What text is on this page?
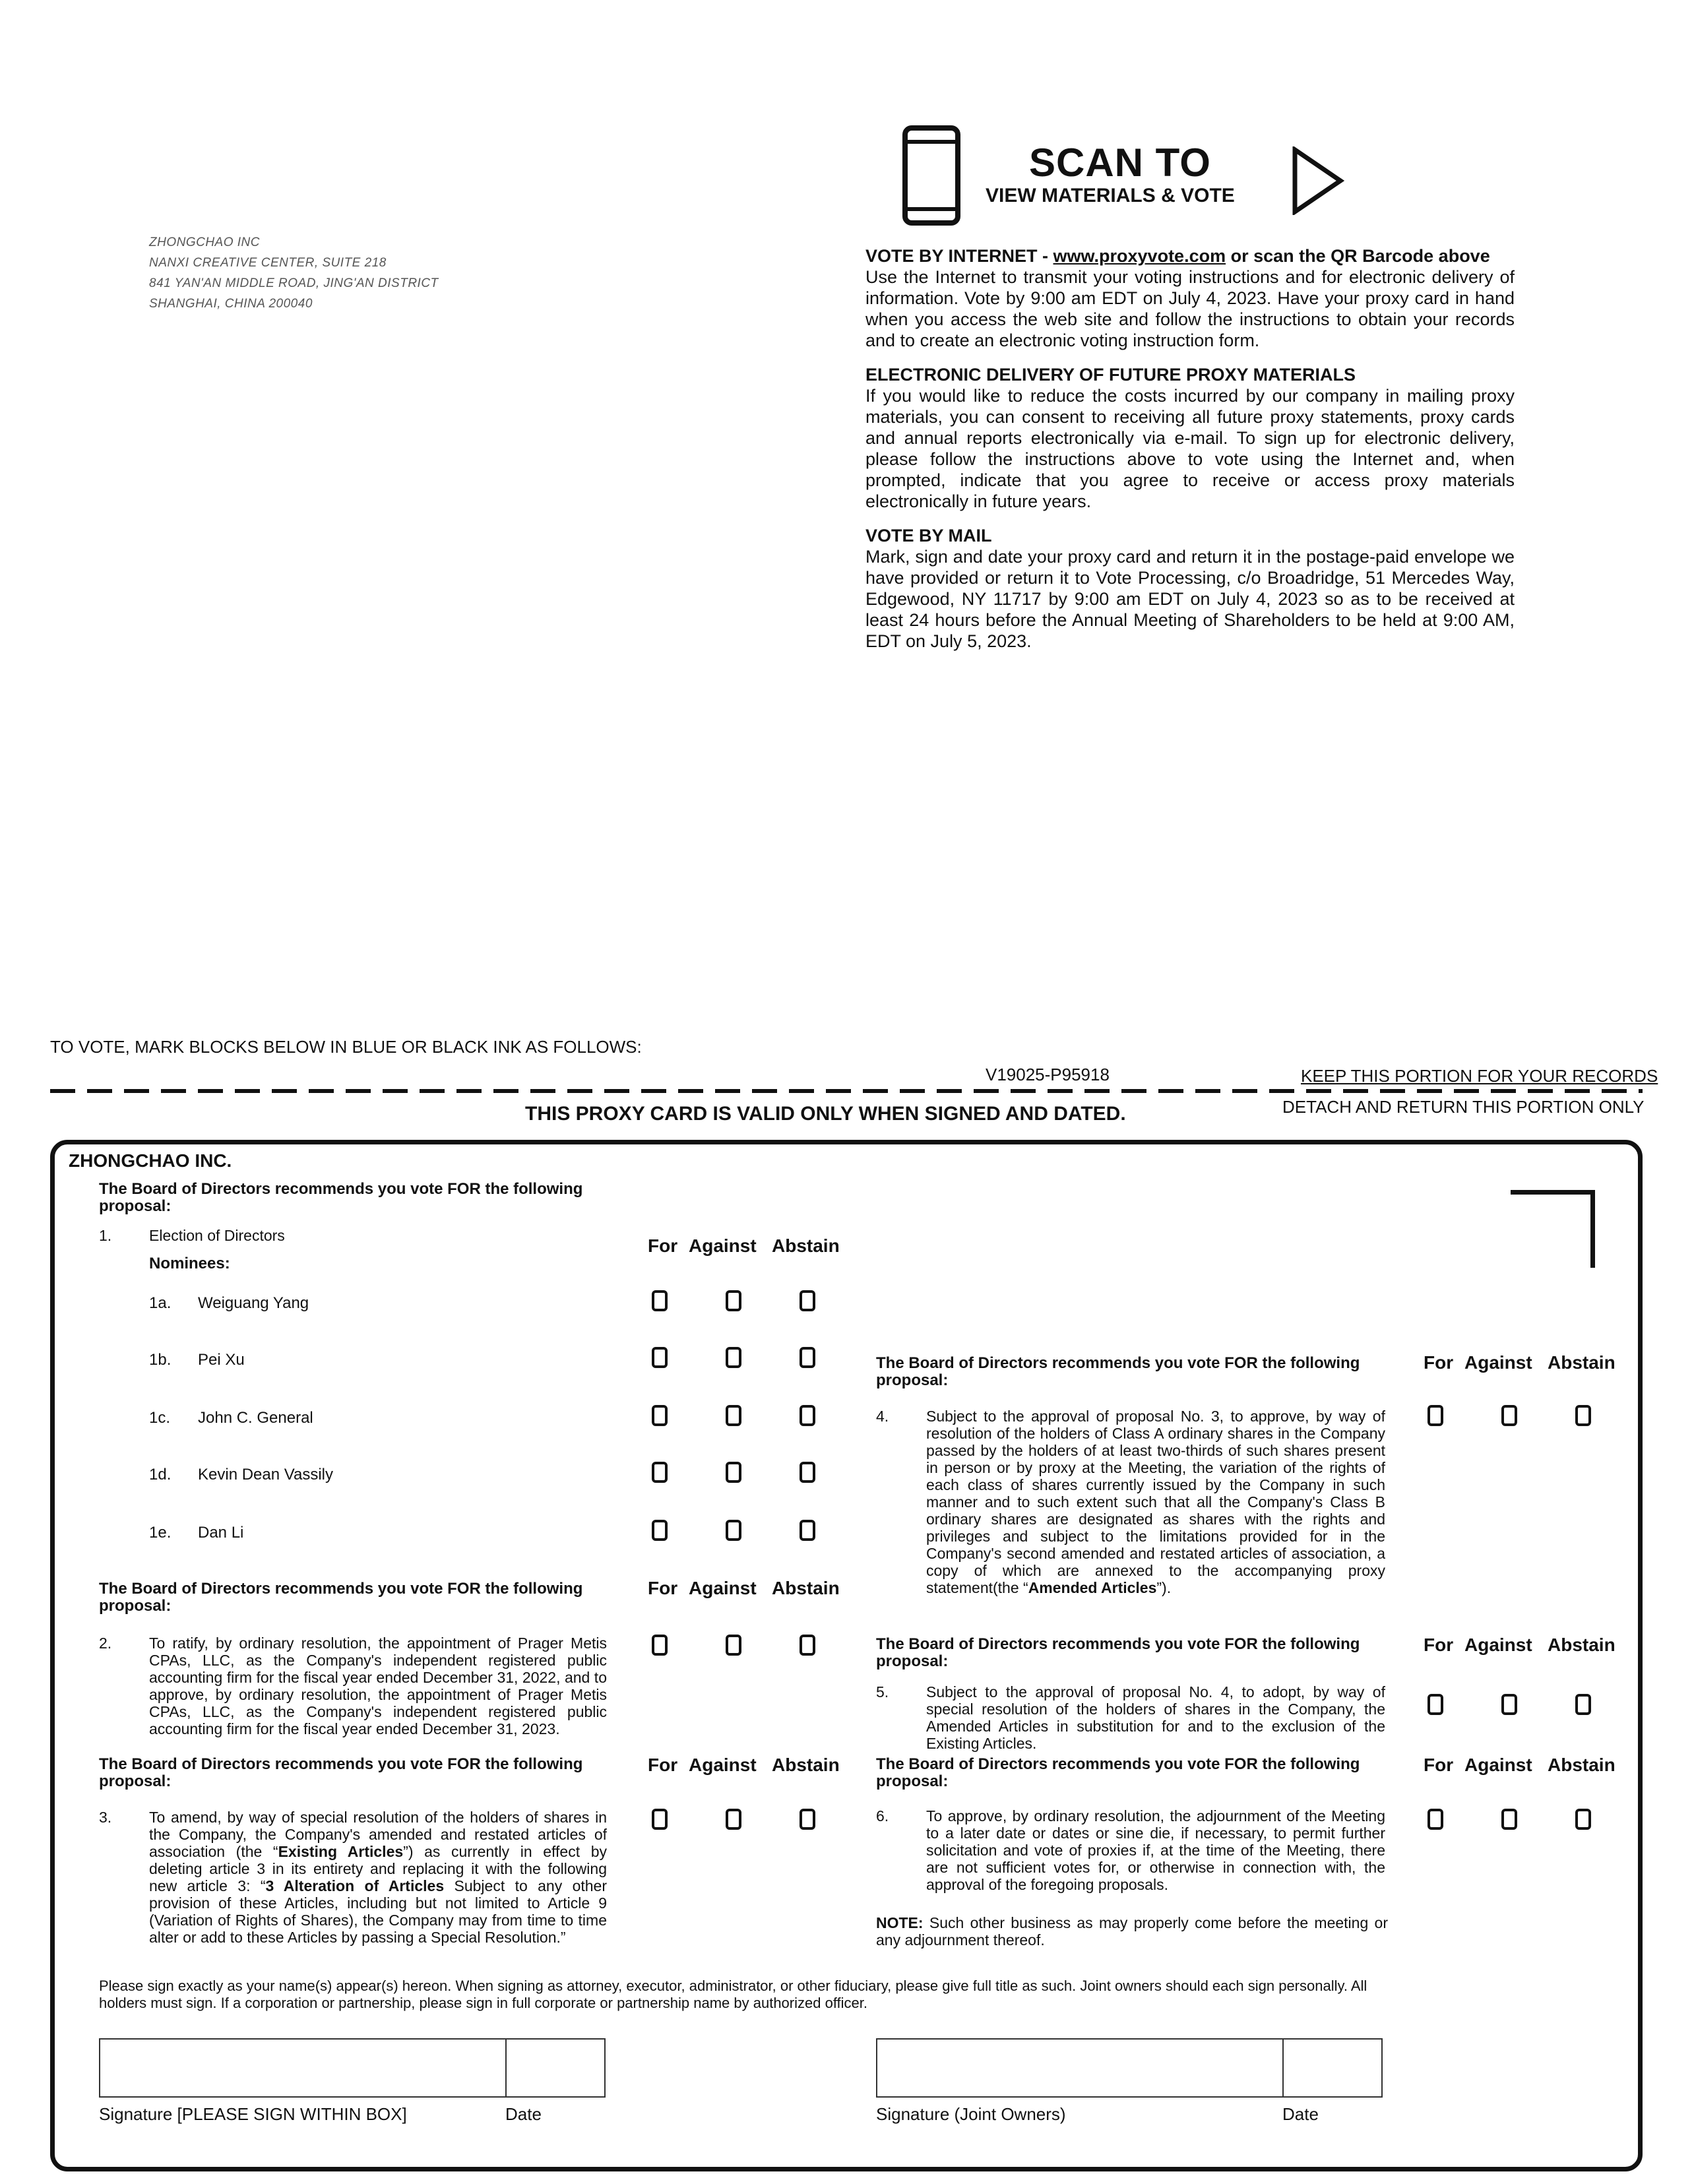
ZHONGCHAO INC
NANXI CREATIVE CENTER, SUITE 218
841 YAN'AN MIDDLE ROAD, JING'AN DISTRICT
SHANGHAI, CHINA 200040
SCAN TO
VIEW MATERIALS & VOTE
VOTE BY INTERNET - www.proxyvote.com or scan the QR Barcode above

Use the Internet to transmit your voting instructions and for electronic delivery of information. Vote by 9:00 am EDT on July 4, 2023. Have your proxy card in hand when you access the web site and follow the instructions to obtain your records and to create an electronic voting instruction form.

ELECTRONIC DELIVERY OF FUTURE PROXY MATERIALS

If you would like to reduce the costs incurred by our company in mailing proxy materials, you can consent to receiving all future proxy statements, proxy cards and annual reports electronically via e-mail. To sign up for electronic delivery, please follow the instructions above to vote using the Internet and, when prompted, indicate that you agree to receive or access proxy materials electronically in future years.

VOTE BY MAIL

Mark, sign and date your proxy card and return it in the postage-paid envelope we have provided or return it to Vote Processing, c/o Broadridge, 51 Mercedes Way, Edgewood, NY 11717 by 9:00 am EDT on July 4, 2023 so as to be received at least 24 hours before the Annual Meeting of Shareholders to be held at 9:00 AM, EDT on July 5, 2023.

TO VOTE, MARK BLOCKS BELOW IN BLUE OR BLACK INK AS FOLLOWS:
V19025-P95918	KEEP THIS PORTION FOR YOUR RECORDS
DETACH AND RETURN THIS PORTION ONLY
THIS PROXY CARD IS VALID ONLY WHEN SIGNED AND DATED.
ZHONGCHAO INC.
The Board of Directors recommends you vote FOR the following proposal:
1. Election of Directors
Nominees:
For Against Abstain
1a. Weiguang Yang
1b. Pei Xu
1c. John C. General
1d. Kevin Dean Vassily
1e. Dan Li
The Board of Directors recommends you vote FOR the following proposal:
For Against Abstain
2. To ratify, by ordinary resolution, the appointment of Prager Metis CPAs, LLC, as the Company's independent registered public accounting firm for the fiscal year ended December 31, 2022, and to approve, by ordinary resolution, the appointment of Prager Metis CPAs, LLC, as the Company's independent registered public accounting firm for the fiscal year ended December 31, 2023.
The Board of Directors recommends you vote FOR the following proposal:
For Against Abstain
3. To amend, by way of special resolution of the holders of shares in the Company, the Company's amended and restated articles of association (the “Existing Articles”) as currently in effect by deleting article 3 in its entirety and replacing it with the following new article 3: “3 Alteration of Articles Subject to any other provision of these Articles, including but not limited to Article 9 (Variation of Rights of Shares), the Company may from time to time alter or add to these Articles by passing a Special Resolution.”
The Board of Directors recommends you vote FOR the following proposal:
For Against Abstain
4. Subject to the approval of proposal No. 3, to approve, by way of resolution of the holders of Class A ordinary shares in the Company passed by the holders of at least two-thirds of such shares present in person or by proxy at the Meeting, the variation of the rights of each class of shares currently issued by the Company in such manner and to such extent such that all the Company's Class B ordinary shares are designated as shares with the rights and privileges and subject to the limitations provided for in the Company's second amended and restated articles of association, a copy of which are annexed to the accompanying proxy statement(the “Amended Articles”).
The Board of Directors recommends you vote FOR the following proposal:
For Against Abstain
5. Subject to the approval of proposal No. 4, to adopt, by way of special resolution of the holders of shares in the Company, the Amended Articles in substitution for and to the exclusion of the Existing Articles.
The Board of Directors recommends you vote FOR the following proposal:
For Against Abstain
6. To approve, by ordinary resolution, the adjournment of the Meeting to a later date or dates or sine die, if necessary, to permit further solicitation and vote of proxies if, at the time of the Meeting, there are not sufficient votes for, or otherwise in connection with, the approval of the foregoing proposals.
NOTE: Such other business as may properly come before the meeting or any adjournment thereof.
Please sign exactly as your name(s) appear(s) hereon. When signing as attorney, executor, administrator, or other fiduciary, please give full title as such. Joint owners should each sign personally. All holders must sign. If a corporation or partnership, please sign in full corporate or partnership name by authorized officer.
Signature [PLEASE SIGN WITHIN BOX]	Date	Signature (Joint Owners)	Date
